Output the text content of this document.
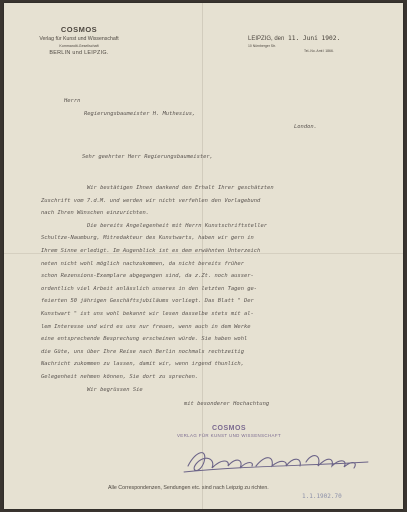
COSMOS
Verlag für Kunst und Wissenschaft
Kommandit-Gesellschaft
BERLIN und LEIPZIG.
LEIPZIG, den 11. Juni 1902.
10 Nürnberger Str.
Tel.-No. Amt I 1866.
Herrn
Regierungsbaumeister H. Muthesius,
London.
Sehr geehrter Herr Regierungsbaumeister,
Wir bestätigen Ihnen dankend den Erhalt Ihrer geschätzten
Zuschrift vom 7.d.M. und werden wir nicht verfehlen den Vorlagebund
nach Ihren Wünschen einzurichten.
Die bereits Angelegenheit mit Herrn Kunstschriftsteller
Schultze-Naumburg, Mitredakteur des Kunstwarts, haben wir gern in
Ihrem Sinne erledigt. Im Augenblick ist es dem erwähnten Unterzeich
neten nicht wohl möglich nachzukommen, da nicht bereits früher
schon Rezensions-Exemplare abgegangen sind, da z.Zt. noch ausser-
ordentlich viel Arbeit anlässlich unseres in den letzten Tagen ge-
feierten 50 jährigen Geschäftsjubiläums vorliegt. Das Blatt " Der
Kunstwart " ist uns wohl bekannt wir lesen dasselbe stets mit al-
lem Interesse und wird es uns nur freuen, wenn auch in dem Werke
eine entsprechende Besprechung erscheinen würde. Sie haben wohl
die Güte, uns über Ihre Reise nach Berlin nochmals rechtzeitig
Nachricht zukommen zu lassen, damit wir, wenn irgend thunlich,
Gelegenheit nehmen können, Sie dort zu sprechen.
Wir begrüssen Sie
mit besonderer Hochachtung
COSMOS
VERLAG FÜR KUNST UND WISSENSCHAFT
Alle Correspondenzen, Sendungen etc. sind nach Leipzig zu richten.
1.1.1902.70
